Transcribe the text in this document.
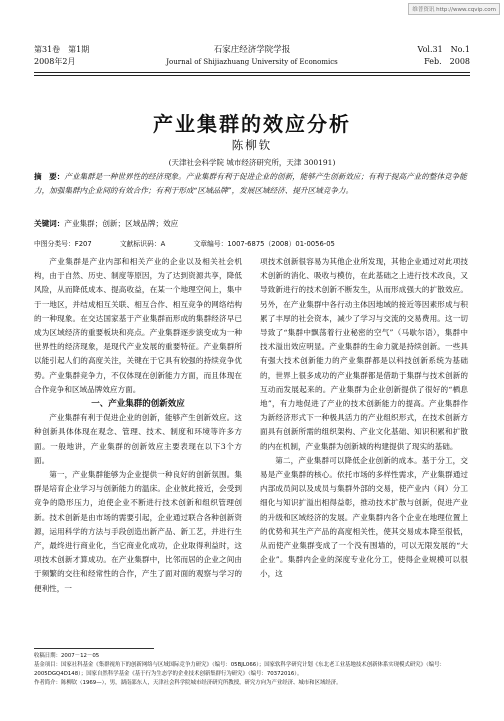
维普资讯 http://www.cqvip.com
第31卷　第1期
2008年2月
石家庄经济学院学报
Journal of Shijiazhuang University of Economics
Vol.31　No.1
Feb.　2008
产业集群的效应分析
陈柳钦
(天津社会科学院 城市经济研究所，天津 300191)
摘　要：产业集群是一种世界性的经济现象。产业集群有利于促进企业的创新，能够产生创新效应；有利于提高产业的整体竞争能力，加强集群内企业间的有效合作；有利于形成“区域品牌”，发展区域经济、提升区域竞争力。
关键词：产业集群；创新；区域品牌；效应
中图分类号：F207	文献标识码：A	文章编号：1007-6875（2008）01-0056-05

产业集群是产业内部和相关产业的企业以及相关社会机构，由于自然、历史、制度等原因，为了达到资源共享，降低风险，从而降低成本、提高收益，在某一个地理空间上，集中于一地区，并结成相互关联、相互合作、相互竞争的网络结构的一种现象。在交达国家基于产业集群而形成的集群经济早已成为区域经济的重要板块和亮点。产业集群逐步演变成为一种世界性的经济现象，是现代产业发展的重要特征。产业集群所以能引起人们的高度关注，关键在于它具有较强的持续竞争优势。产业集群竞争力，不仅体现在创新能力方面，而且体现在合作竞争和区域品牌效应方面。

一、产业集群的创新效应

产业集群有利于促进企业的创新，能够产生创新效应。这种创新具体体现在观念、管理、技术、制度和环境等许多方面。一般地讲，产业集群的创新效应主要表现在以下3个方面。

第一，产业集群能够为企业提供一种良好的创新氛围。集群是培育企业学习与创新能力的温床。企业彼此接近，会受到竞争的隐形压力，迫使企业不断进行技术创新和组织管理创新。技术创新是由市场的需要引起，企业通过联合各种创新资源，运用科学的方法与手段创造出新产品、新工艺，并进行生产，最终进行商业化，当它商业化成功，企业取得利益时，这项技术创新才算成功。在产业集群中，比邻而居的企业之间由于频繁的交往和经常性的合作，产生了面对面的观察与学习的便利性，一

项技术创新很容易为其他企业所发现，其他企业通过对此项技术创新的消化、吸收与模仿，在此基础之上进行技术改良，又导致新进行的技术创新不断发生，从而形成强大的扩散效应。另外，在产业集群中各行动主体因地域的接近等因素形成与积累了丰厚的社会资本，减少了学习与交流的交易费用。这一切导致了“集群中飘荡着行业秘密的空气”（马歇尔语），集群中技术溢出效应明显。产业集群的生命力就是持续创新。一些具有强大技术创新能力的产业集群都是以科技创新系统为基础的，世界上很多成功的产业集群都是借助于集群与技术创新的互动而发展起来的。产业集群为企业创新提供了很好的“栖息地”，有力地促进了产业的技术创新能力的提高。产业集群作为新经济形式下一种极具活力的产业组织形式，在技术创新方面具有创新所需的组织架构、产业文化基础、知识积累和扩散的内在机制，产业集群为创新城的构建提供了现实的基础。

第二，产业集群可以降低企业创新的成本。基于分工，交易是产业集群的核心。依托市场的多样性需求，产业集群通过内部成员间以及成员与集群外部的交易，使产业内（间）分工细化与知识扩溢出相得益彰，推动技术扩散与创新，促进产业的升级和区域经济的发展。产业集群内各个企业在地理位置上的优势和其生产产品的高度相关性，使其交易成本降至很低，从而使产业集群变成了一个没有围墙的，可以无限发展的“大企业”。集群内企业的深度专业化分工，使得企业规模可以很小，这

收稿日期：2007－12－05
基金项目：国家社科基金《集群视角下的创新网络与区域国际竞争力研究》（编号：05BJL066）；国家软科学研究计划《东北老工业基地技术创新体系实现模式研究》（编号：2005DGQ4D148）；国家自然科学基金《基于行为生态学的企业技术创新集群行为研究》（编号：70372016）。
作者简介：陈柳钦（1969—），男，湖南邵东人，天津社会科学院城市经济研究所教授，研究方向为产业经济、城市和区域经济。
